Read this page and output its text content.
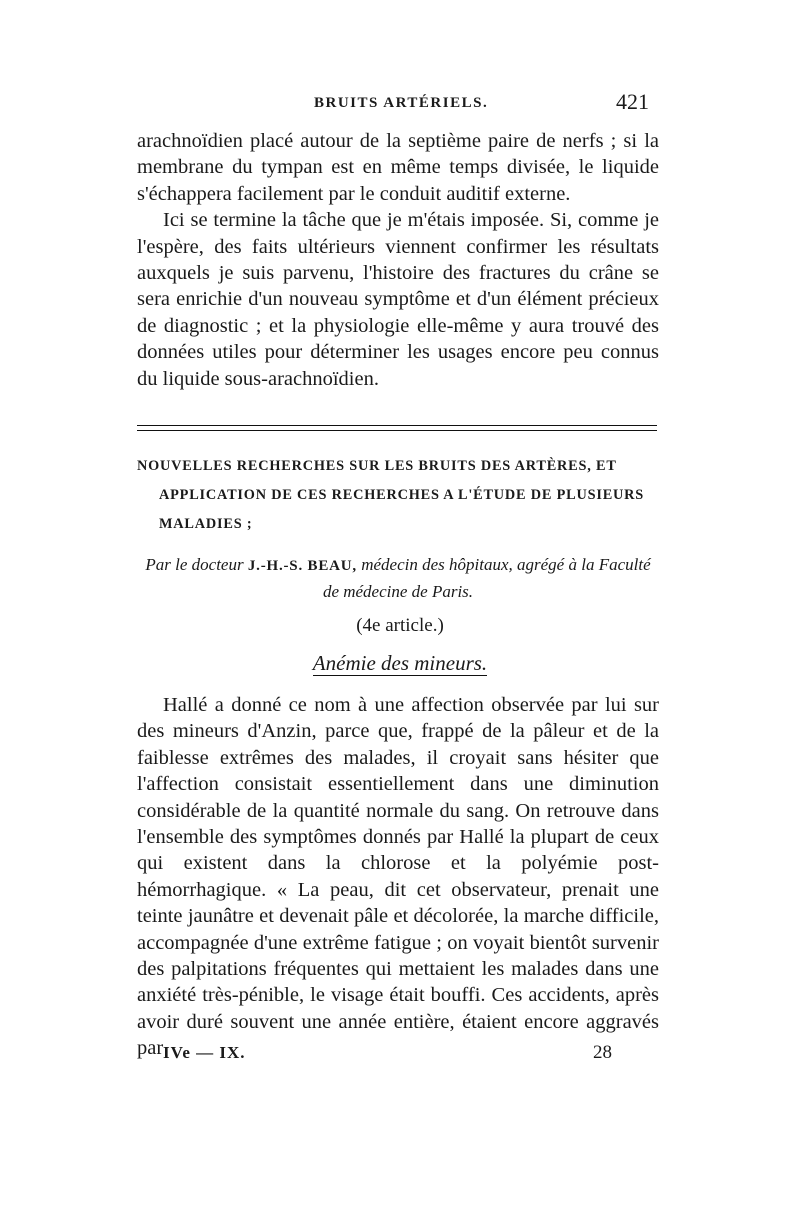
BRUITS ARTÉRIELS.	421

arachnoïdien placé autour de la septième paire de nerfs ; si la membrane du tympan est en même temps divisée, le liquide s'échappera facilement par le conduit auditif externe.

Ici se termine la tâche que je m'étais imposée. Si, comme je l'espère, des faits ultérieurs viennent confirmer les résultats auxquels je suis parvenu, l'histoire des fractures du crâne se sera enrichie d'un nouveau symptôme et d'un élément précieux de diagnostic ; et la physiologie elle-même y aura trouvé des données utiles pour déterminer les usages encore peu connus du liquide sous-arachnoïdien.

NOUVELLES RECHERCHES SUR LES BRUITS DES ARTÈRES, ET
APPLICATION DE CES RECHERCHES A L'ÉTUDE DE PLUSIEURS
MALADIES ;
Par le docteur J.-H.-S. BEAU, médecin des hôpitaux, agrégé à la Faculté de médecine de Paris.
(4e article.)
Anémie des mineurs.
Hallé a donné ce nom à une affection observée par lui sur des mineurs d'Anzin, parce que, frappé de la pâleur et de la faiblesse extrêmes des malades, il croyait sans hésiter que l'affection consistait essentiellement dans une diminution considérable de la quantité normale du sang. On retrouve dans l'ensemble des symptômes donnés par Hallé la plupart de ceux qui existent dans la chlorose et la polyémie post-hémorrhagique. « La peau, dit cet observateur, prenait une teinte jaunâtre et devenait pâle et décolorée, la marche difficile, accompagnée d'une extrême fatigue ; on voyait bientôt survenir des palpitations fréquentes qui mettaient les malades dans une anxiété très-pénible, le visage était bouffi. Ces accidents, après avoir duré souvent une année entière, étaient encore aggravés par IVe — IX.	28
